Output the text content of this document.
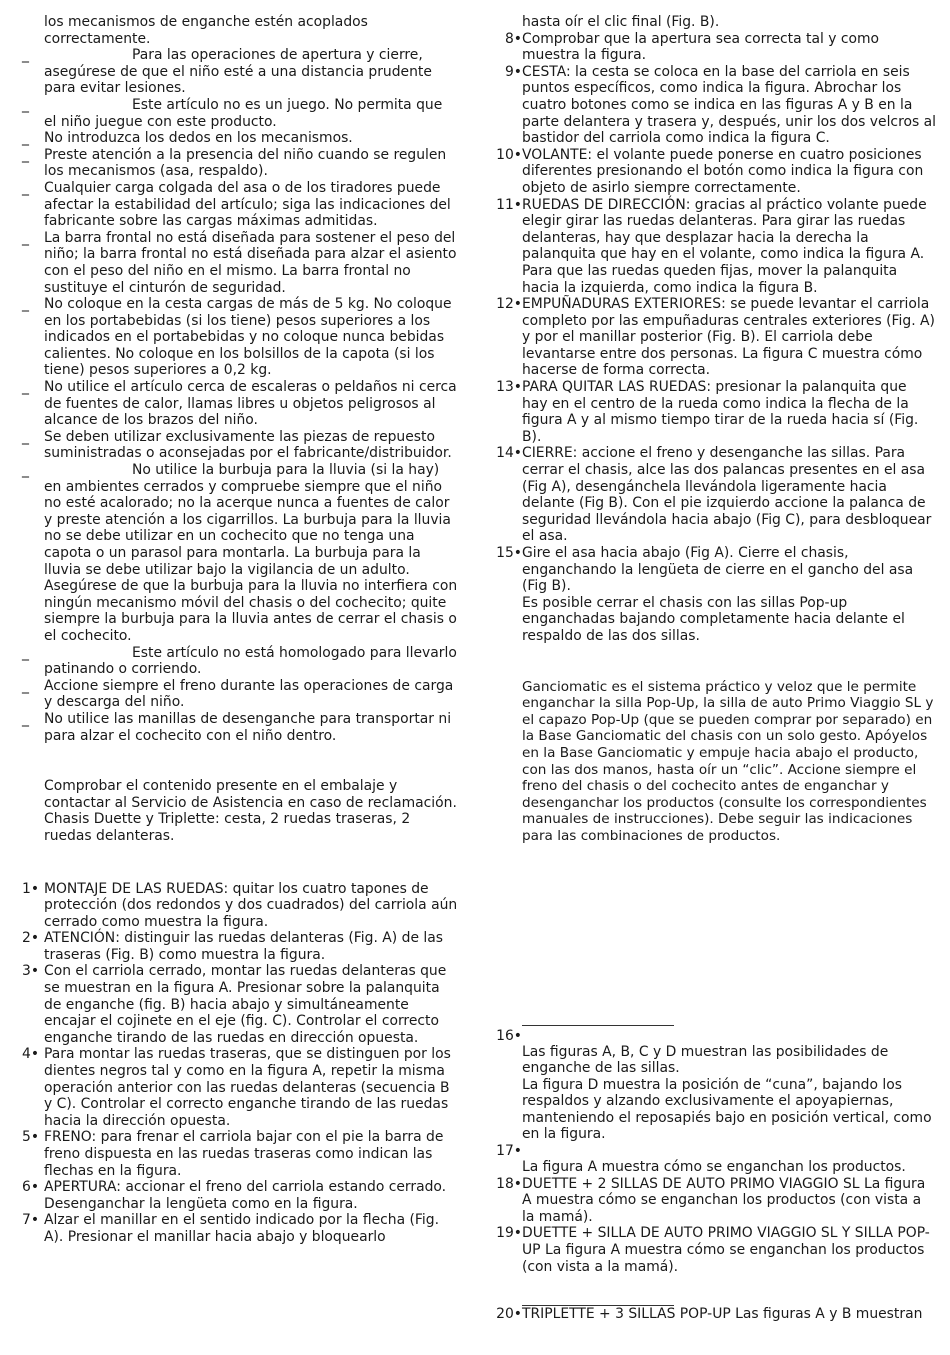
los mecanismos de enganche estén acoplados correctamente.
_	Para las operaciones de apertura y cierre, asegúrese de que el niño esté a una distancia prudente para evitar lesiones.
_	Este artículo no es un juego. No permita que el niño juegue con este producto.
_	No introduzca los dedos en los mecanismos.
_	Preste atención a la presencia del niño cuando se regulen los mecanismos (asa, respaldo).
_	Cualquier carga colgada del asa o de los tiradores puede afectar la estabilidad del artículo; siga las indicaciones del fabricante sobre las cargas máximas admitidas.
_	La barra frontal no está diseñada para sostener el peso del niño; la barra frontal no está diseñada para alzar el asiento con el peso del niño en el mismo. La barra frontal no sustituye el cinturón de seguridad.
_	No coloque en la cesta cargas de más de 5 kg. No coloque en los portabebidas (si los tiene) pesos superiores a los indicados en el portabebidas y no coloque nunca bebidas calientes. No coloque en los bolsillos de la capota (si los tiene) pesos superiores a 0,2 kg.
_	No utilice el artículo cerca de escaleras o peldaños ni cerca de fuentes de calor, llamas libres u objetos peligrosos al alcance de los brazos del niño.
_	Se deben utilizar exclusivamente las piezas de repuesto suministradas o aconsejadas por el fabricante/distribuidor.
_	No utilice la burbuja para la lluvia (si la hay) en ambientes cerrados y compruebe siempre que el niño no esté acalorado; no la acerque nunca a fuentes de calor y preste atención a los cigarrillos. La burbuja para la lluvia no se debe utilizar en un cochecito que no tenga una capota o un parasol para montarla. La burbuja para la lluvia se debe utilizar bajo la vigilancia de un adulto. Asegúrese de que la burbuja para la lluvia no interfiera con ningún mecanismo móvil del chasis o del cochecito; quite siempre la burbuja para la lluvia antes de cerrar el chasis o el cochecito.
_	Este artículo no está homologado para llevarlo patinando o corriendo.
_	Accione siempre el freno durante las operaciones de carga y descarga del niño.
_	No utilice las manillas de desenganche para transportar ni para alzar el cochecito con el niño dentro.
Comprobar el contenido presente en el embalaje y contactar al Servicio de Asistencia en caso de reclamación.
Chasis Duette y Triplette: cesta, 2 ruedas traseras, 2 ruedas delanteras.
1• MONTAJE DE LAS RUEDAS: quitar los cuatro tapones de protección (dos redondos y dos cuadrados) del carriola aún cerrado como muestra la figura.
2• ATENCIÓN: distinguir las ruedas delanteras (Fig. A) de las traseras (Fig. B) como muestra la figura.
3• Con el carriola cerrado, montar las ruedas delanteras que se muestran en la figura A. Presionar sobre la palanquita de enganche (fig. B) hacia abajo y simultáneamente encajar el cojinete en el eje (fig. C). Controlar el correcto enganche tirando de las ruedas en dirección opuesta.
4• Para montar las ruedas traseras, que se distinguen por los dientes negros tal y como en la figura A, repetir la misma operación anterior con las ruedas delanteras (secuencia B y C). Controlar el correcto enganche tirando de las ruedas hacia la dirección opuesta.
5• FRENO: para frenar el carriola bajar con el pie la barra de freno dispuesta en las ruedas traseras como indican las flechas en la figura.
6• APERTURA: accionar el freno del carriola estando cerrado. Desenganchar la lengüeta como en la figura.
7• Alzar el manillar en el sentido indicado por la flecha (Fig. A). Presionar el manillar hacia abajo y bloquearlo
hasta oír el clic final (Fig. B).
8• Comprobar que la apertura sea correcta tal y como muestra la figura.
9• CESTA: la cesta se coloca en la base del carriola en seis puntos específicos, como indica la figura. Abrochar los cuatro botones como se indica en las figuras A y B en la parte delantera y trasera y, después, unir los dos velcros al bastidor del carriola como indica la figura C.
10• VOLANTE: el volante puede ponerse en cuatro posiciones diferentes presionando el botón como indica la figura con objeto de asirlo siempre correctamente.
11• RUEDAS DE DIRECCIÓN: gracias al práctico volante puede elegir girar las ruedas delanteras. Para girar las ruedas delanteras, hay que desplazar hacia la derecha la palanquita que hay en el volante, como indica la figura A. Para que las ruedas queden fijas, mover la palanquita hacia la izquierda, como indica la figura B.
12• EMPUÑADURAS EXTERIORES: se puede levantar el carriola completo por las empuñaduras centrales exteriores (Fig. A) y por el manillar posterior (Fig. B). El carriola debe levantarse entre dos personas. La figura C muestra cómo hacerse de forma correcta.
13• PARA QUITAR LAS RUEDAS: presionar la palanquita que hay en el centro de la rueda como indica la flecha de la figura A y al mismo tiempo tirar de la rueda hacia sí (Fig. B).
14• CIERRE: accione el freno y desenganche las sillas. Para cerrar el chasis, alce las dos palancas presentes en el asa (Fig A), desengánchela llevándola ligeramente hacia delante (Fig B). Con el pie izquierdo accione la palanca de seguridad llevándola hacia abajo (Fig C), para desbloquear el asa.
15• Gire el asa hacia abajo (Fig A). Cierre el chasis, enganchando la lengüeta de cierre en el gancho del asa (Fig B).
Es posible cerrar el chasis con las sillas Pop-up enganchadas bajando completamente hacia delante el respaldo de las dos sillas.
Ganciomatic es el sistema práctico y veloz que le permite enganchar la silla Pop-Up, la silla de auto Primo Viaggio SL y el capazo Pop-Up (que se pueden comprar por separado) en la Base Ganciomatic del chasis con un solo gesto. Apóyelos en la Base Ganciomatic y empuje hacia abajo el producto, con las dos manos, hasta oír un “clic”. Accione siempre el freno del chasis o del cochecito antes de enganchar y desenganchar los productos (consulte los correspondientes manuales de instrucciones). Debe seguir las indicaciones para las combinaciones de productos.
16•
Las figuras A, B, C y D muestran las posibilidades de enganche de las sillas.
La figura D muestra la posición de “cuna”, bajando los respaldos y alzando exclusivamente el apoyapiernas, manteniendo el reposapiés bajo en posición vertical, como en la figura.
17•
La figura A muestra cómo se enganchan los productos.
18• DUETTE + 2 SILLAS DE AUTO PRIMO VIAGGIO SL La figura A muestra cómo se enganchan los productos (con vista a la mamá).
19• DUETTE + SILLA DE AUTO PRIMO VIAGGIO SL Y SILLA POP-UP La figura A muestra cómo se enganchan los productos (con vista a la mamá).
20• TRIPLETTE + 3 SILLAS POP-UP Las figuras A y B muestran
